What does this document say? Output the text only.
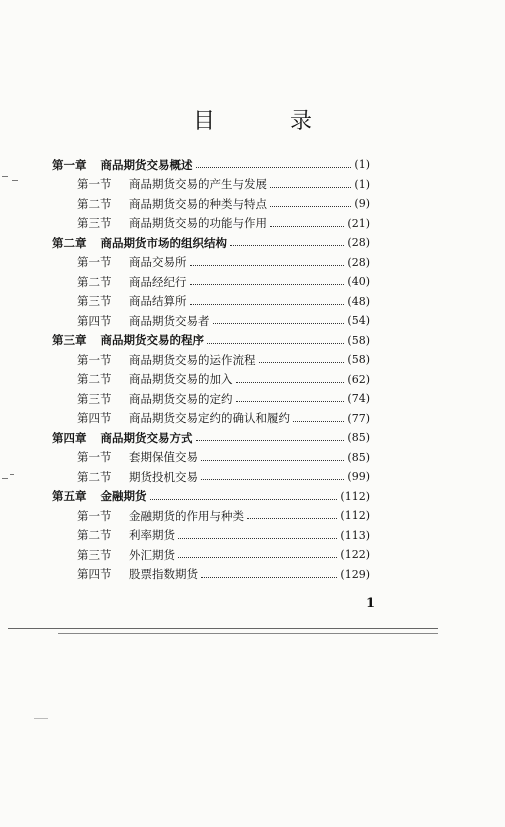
目 录
第一章 商品期货交易概述	(1)
第一节	商品期货交易的产生与发展	(1)
第二节	商品期货交易的种类与特点	(9)
第三节	商品期货交易的功能与作用	(21)
第二章 商品期货市场的组织结构	(28)
第一节	商品交易所	(28)
第二节	商品经纪行	(40)
第三节	商品结算所	(48)
第四节	商品期货交易者	(54)
第三章 商品期货交易的程序	(58)
第一节	商品期货交易的运作流程	(58)
第二节	商品期货交易的加入	(62)
第三节	商品期货交易的定约	(74)
第四节	商品期货交易定约的确认和履约	(77)
第四章 商品期货交易方式	(85)
第一节	套期保值交易	(85)
第二节	期货投机交易	(99)
第五章 金融期货	(112)
第一节	金融期货的作用与种类	(112)
第二节	利率期货	(113)
第三节	外汇期货	(122)
第四节	股票指数期货	(129)
1
